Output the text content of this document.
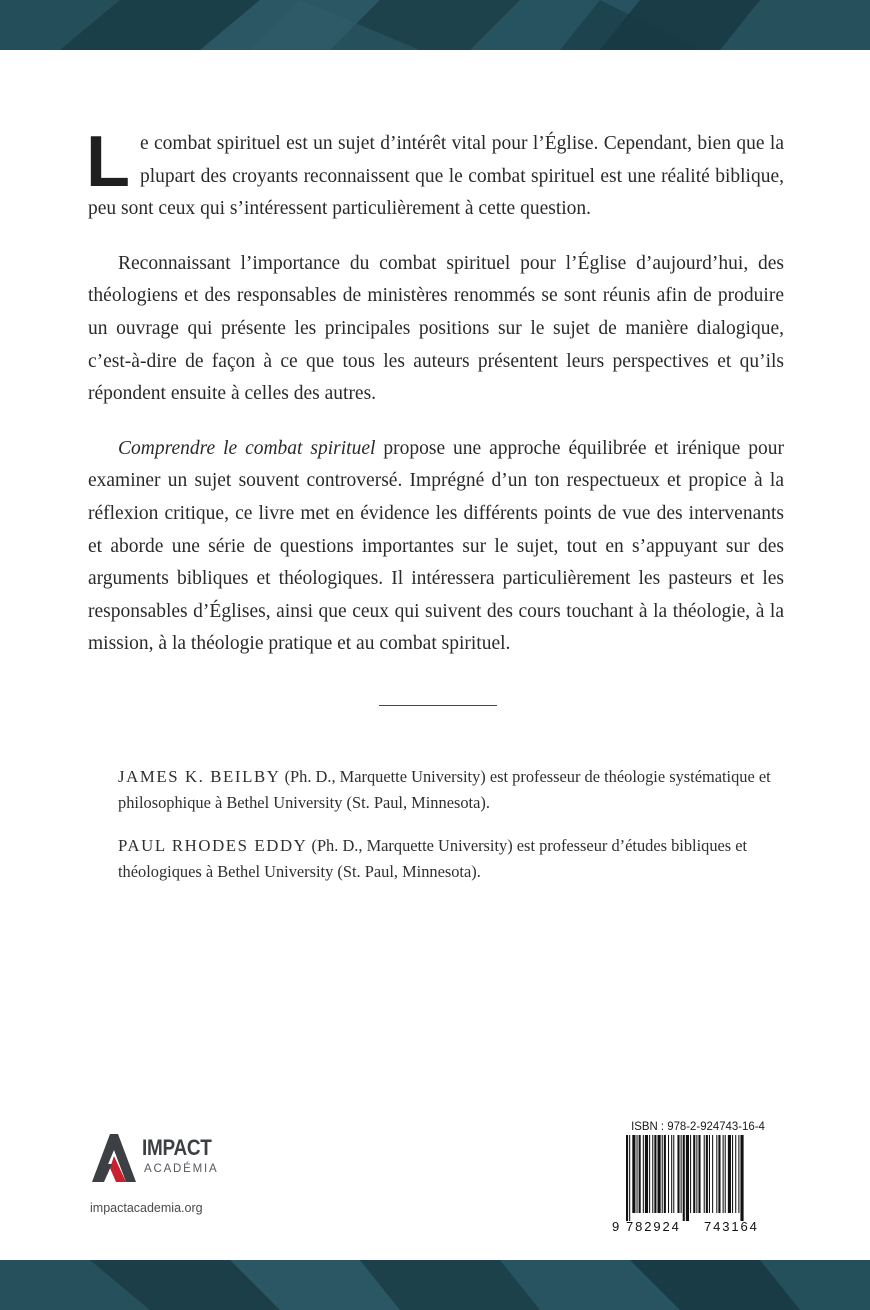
Le combat spirituel est un sujet d’intérêt vital pour l’Église. Cependant, bien que la plupart des croyants reconnaissent que le combat spirituel est une réalité biblique, peu sont ceux qui s’intéressent particulièrement à cette question.

Reconnaissant l’importance du combat spirituel pour l’Église d’aujourd’hui, des théologiens et des responsables de ministères renommés se sont réunis afin de produire un ouvrage qui présente les principales positions sur le sujet de manière dialogique, c’est-à-dire de façon à ce que tous les auteurs présentent leurs perspectives et qu’ils répondent ensuite à celles des autres.

Comprendre le combat spirituel propose une approche équilibrée et irénique pour examiner un sujet souvent controversé. Imprégné d’un ton respectueux et propice à la réflexion critique, ce livre met en évidence les différents points de vue des intervenants et aborde une série de questions importantes sur le sujet, tout en s’appuyant sur des arguments bibliques et théologiques. Il intéressera particulièrement les pasteurs et les responsables d’Églises, ainsi que ceux qui suivent des cours touchant à la théologie, à la mission, à la théologie pratique et au combat spirituel.

JAMES K. BEILBY (Ph. D., Marquette University) est professeur de théologie systématique et philosophique à Bethel University (St. Paul, Minnesota).
PAUL RHODES EDDY (Ph. D., Marquette University) est professeur d’études bibliques et théologiques à Bethel University (St. Paul, Minnesota).
IMPACT
ACADÉMIA
impactacademia.org
ISBN : 978-2-924743-16-4
9 782924 743164
